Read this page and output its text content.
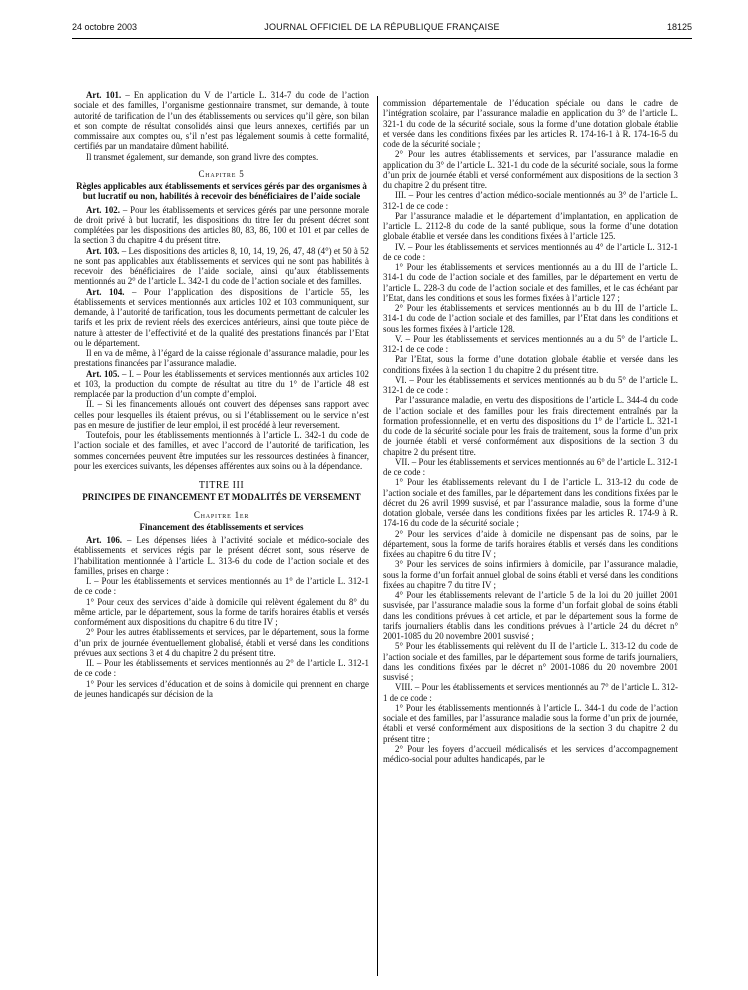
24 octobre 2003	JOURNAL OFFICIEL DE LA RÉPUBLIQUE FRANÇAISE	18125

Art. 101. – En application du V de l’article L. 314-7 du code de l’action sociale et des familles, l’organisme gestionnaire transmet, sur demande, à toute autorité de tarification de l’un des établissements ou services qu’il gère, son bilan et son compte de résultat consolidés ainsi que leurs annexes, certifiés par un commissaire aux comptes ou, s’il n’est pas légalement soumis à cette formalité, certifiés par un mandataire dûment habilité.

Il transmet également, sur demande, son grand livre des comptes.

Chapitre 5
Règles applicables aux établissements et services gérés par des organismes à but lucratif ou non, habilités à recevoir des bénéficiaires de l’aide sociale

Art. 102. – Pour les établissements et services gérés par une personne morale de droit privé à but lucratif, les dispositions du titre Ier du présent décret sont complétées par les dispositions des articles 80, 83, 86, 100 et 101 et par celles de la section 3 du chapitre 4 du présent titre.

Art. 103. – Les dispositions des articles 8, 10, 14, 19, 26, 47, 48 (4°) et 50 à 52 ne sont pas applicables aux établissements et services qui ne sont pas habilités à recevoir des bénéficiaires de l’aide sociale, ainsi qu’aux établissements mentionnés au 2° de l’article L. 342-1 du code de l’action sociale et des familles.

Art. 104. – Pour l’application des dispositions de l’article 55, les établissements et services mentionnés aux articles 102 et 103 communiquent, sur demande, à l’autorité de tarification, tous les documents permettant de calculer les tarifs et les prix de revient réels des exercices antérieurs, ainsi que toute pièce de nature à attester de l’effectivité et de la qualité des prestations financés par l’Etat ou le département.

Il en va de même, à l’égard de la caisse régionale d’assurance maladie, pour les prestations financées par l’assurance maladie.

Art. 105. – I. – Pour les établissements et services mentionnés aux articles 102 et 103, la production du compte de résultat au titre du 1° de l’article 48 est remplacée par la production d’un compte d’emploi.

II. – Si les financements alloués ont couvert des dépenses sans rapport avec celles pour lesquelles ils étaient prévus, ou si l’établissement ou le service n’est pas en mesure de justifier de leur emploi, il est procédé à leur reversement.

Toutefois, pour les établissements mentionnés à l’article L. 342-1 du code de l’action sociale et des familles, et avec l’accord de l’autorité de tarification, les sommes concernées peuvent être imputées sur les ressources destinées à financer, pour les exercices suivants, les dépenses afférentes aux soins ou à la dépendance.

TITRE III
PRINCIPES DE FINANCEMENT ET MODALITÉS DE VERSEMENT
Chapitre 1er
Financement des établissements et services

Art. 106. – Les dépenses liées à l’activité sociale et médico-sociale des établissements et services régis par le présent décret sont, sous réserve de l’habilitation mentionnée à l’article L. 313-6 du code de l’action sociale et des familles, prises en charge :

I. – Pour les établissements et services mentionnés au 1° de l’article L. 312-1 de ce code :

1° Pour ceux des services d’aide à domicile qui relèvent également du 8° du même article, par le département, sous la forme de tarifs horaires établis et versés conformément aux dispositions du chapitre 6 du titre IV ;

2° Pour les autres établissements et services, par le département, sous la forme d’un prix de journée éventuellement globalisé, établi et versé dans les conditions prévues aux sections 3 et 4 du chapitre 2 du présent titre.

II. – Pour les établissements et services mentionnés au 2° de l’article L. 312-1 de ce code :

1° Pour les services d’éducation et de soins à domicile qui prennent en charge de jeunes handicapés sur décision de la

commission départementale de l’éducation spéciale ou dans le cadre de l’intégration scolaire, par l’assurance maladie en application du 3° de l’article L. 321-1 du code de la sécurité sociale, sous la forme d’une dotation globale établie et versée dans les conditions fixées par les articles R. 174-16-1 à R. 174-16-5 du code de la sécurité sociale ;

2° Pour les autres établissements et services, par l’assurance maladie en application du 3° de l’article L. 321-1 du code de la sécurité sociale, sous la forme d’un prix de journée établi et versé conformément aux dispositions de la section 3 du chapitre 2 du présent titre.

III. – Pour les centres d’action médico-sociale mentionnés au 3° de l’article L. 312-1 de ce code :

Par l’assurance maladie et le département d’implantation, en application de l’article L. 2112-8 du code de la santé publique, sous la forme d’une dotation globale établie et versée dans les conditions fixées à l’article 125.

IV. – Pour les établissements et services mentionnés au 4° de l’article L. 312-1 de ce code :

1° Pour les établissements et services mentionnés au a du III de l’article L. 314-1 du code de l’action sociale et des familles, par le département en vertu de l’article L. 228-3 du code de l’action sociale et des familles, et le cas échéant par l’Etat, dans les conditions et sous les formes fixées à l’article 127 ;

2° Pour les établissements et services mentionnés au b du III de l’article L. 314-1 du code de l’action sociale et des familles, par l’Etat dans les conditions et sous les formes fixées à l’article 128.

V. – Pour les établissements et services mentionnés au a du 5° de l’article L. 312-1 de ce code :

Par l’Etat, sous la forme d’une dotation globale établie et versée dans les conditions fixées à la section 1 du chapitre 2 du présent titre.

VI. – Pour les établissements et services mentionnés au b du 5° de l’article L. 312-1 de ce code :

Par l’assurance maladie, en vertu des dispositions de l’article L. 344-4 du code de l’action sociale et des familles pour les frais directement entraînés par la formation professionnelle, et en vertu des dispositions du 1° de l’article L. 321-1 du code de la sécurité sociale pour les frais de traitement, sous la forme d’un prix de journée établi et versé conformément aux dispositions de la section 3 du chapitre 2 du présent titre.

VII. – Pour les établissements et services mentionnés au 6° de l’article L. 312-1 de ce code :

1° Pour les établissements relevant du I de l’article L. 313-12 du code de l’action sociale et des familles, par le département dans les conditions fixées par le décret du 26 avril 1999 susvisé, et par l’assurance maladie, sous la forme d’une dotation globale, versée dans les conditions fixées par les articles R. 174-9 à R. 174-16 du code de la sécurité sociale ;

2° Pour les services d’aide à domicile ne dispensant pas de soins, par le département, sous la forme de tarifs horaires établis et versés dans les conditions fixées au chapitre 6 du titre IV ;

3° Pour les services de soins infirmiers à domicile, par l’assurance maladie, sous la forme d’un forfait annuel global de soins établi et versé dans les conditions fixées au chapitre 7 du titre IV ;

4° Pour les établissements relevant de l’article 5 de la loi du 20 juillet 2001 susvisée, par l’assurance maladie sous la forme d’un forfait global de soins établi dans les conditions prévues à cet article, et par le département sous la forme de tarifs journaliers établis dans les conditions prévues à l’article 24 du décret n° 2001-1085 du 20 novembre 2001 susvisé ;

5° Pour les établissements qui relèvent du II de l’article L. 313-12 du code de l’action sociale et des familles, par le département sous forme de tarifs journaliers, dans les conditions fixées par le décret n° 2001-1086 du 20 novembre 2001 susvisé ;

VIII. – Pour les établissements et services mentionnés au 7° de l’article L. 312-1 de ce code :

1° Pour les établissements mentionnés à l’article L. 344-1 du code de l’action sociale et des familles, par l’assurance maladie sous la forme d’un prix de journée, établi et versé conformément aux dispositions de la section 3 du chapitre 2 du présent titre ;

2° Pour les foyers d’accueil médicalisés et les services d’accompagnement médico-social pour adultes handicapés, par le
